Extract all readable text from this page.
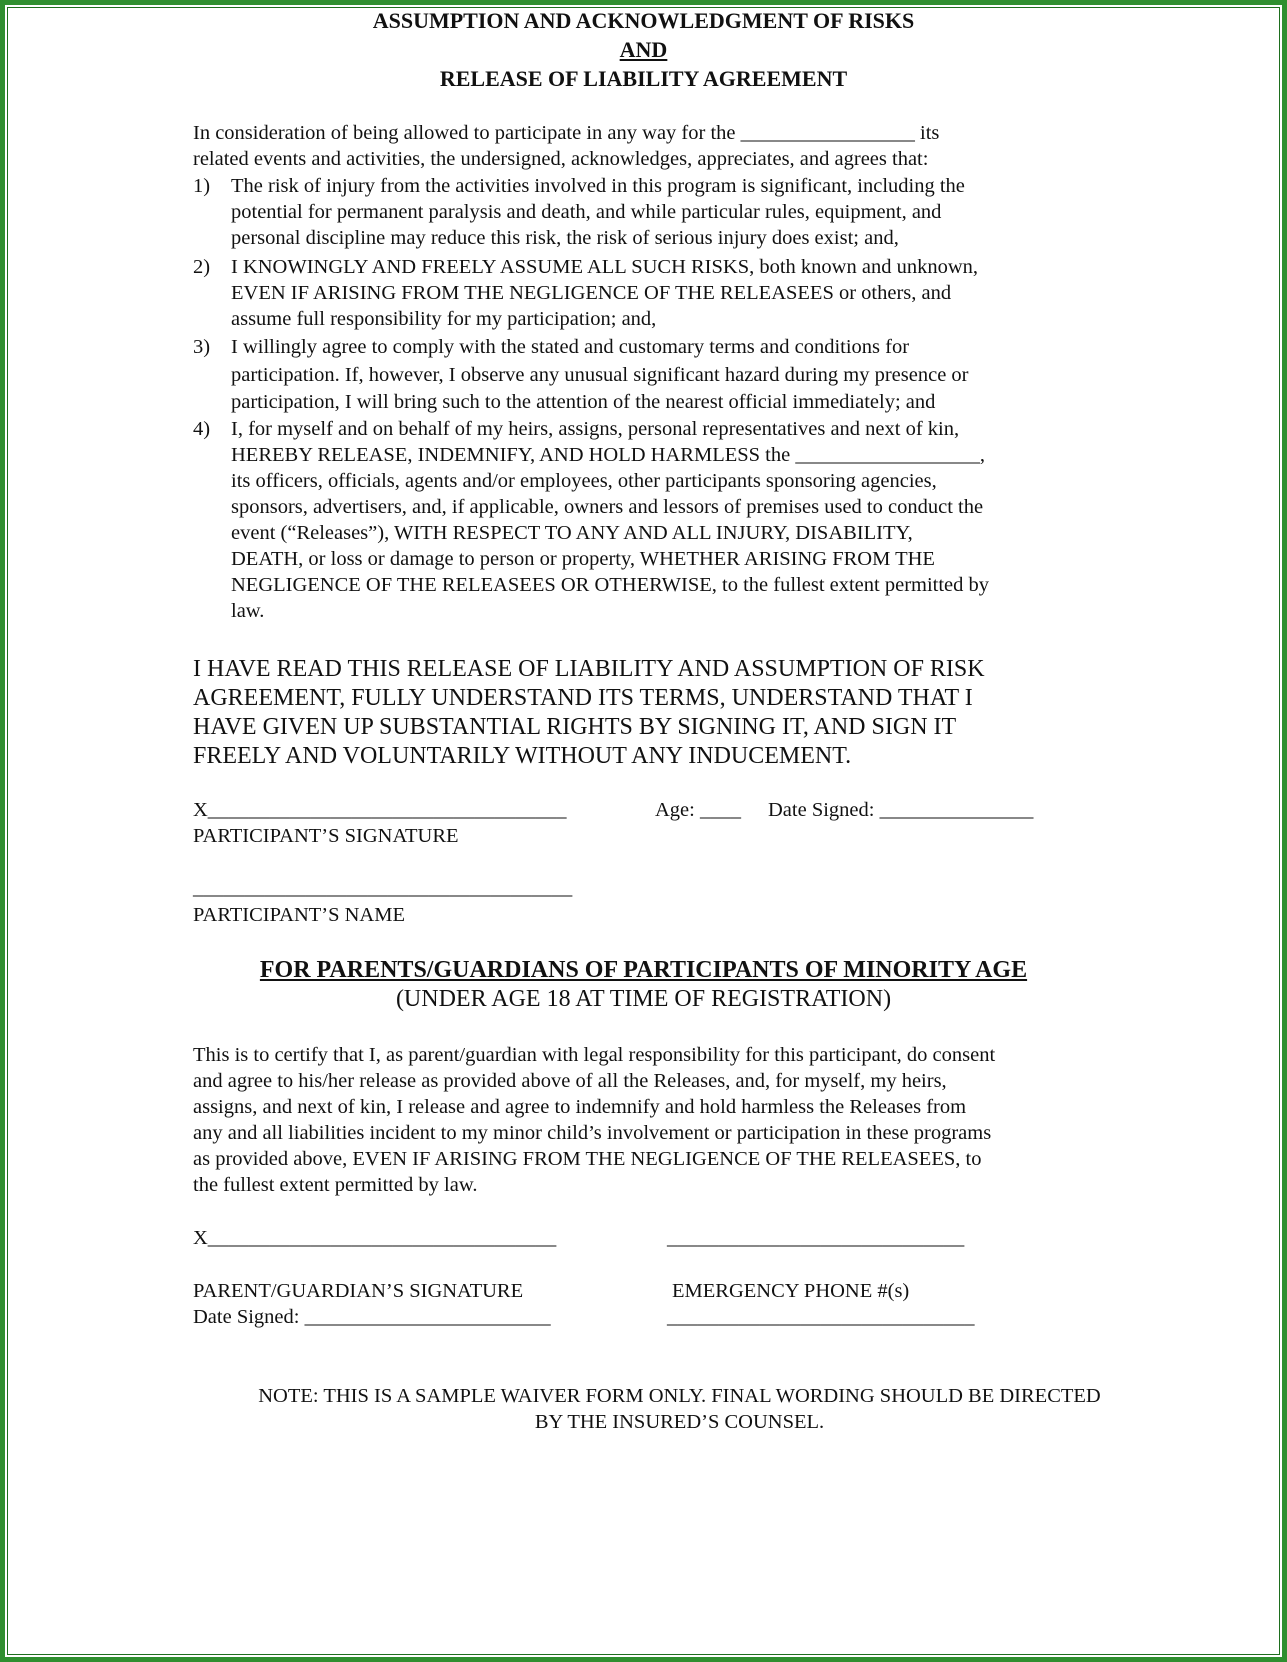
ASSUMPTION AND ACKNOWLEDGMENT OF RISKS
AND
RELEASE OF LIABILITY AGREEMENT
In consideration of being allowed to participate in any way for the _________________ its
related events and activities, the undersigned, acknowledges, appreciates, and agrees that:
1) The risk of injury from the activities involved in this program is significant, including the
potential for permanent paralysis and death, and while particular rules, equipment, and
personal discipline may reduce this risk, the risk of serious injury does exist; and,
2) I KNOWINGLY AND FREELY ASSUME ALL SUCH RISKS, both known and unknown,
EVEN IF ARISING FROM THE NEGLIGENCE OF THE RELEASEES or others, and
assume full responsibility for my participation; and,
3) I willingly agree to comply with the stated and customary terms and conditions for
participation. If, however, I observe any unusual significant hazard during my presence or
participation, I will bring such to the attention of the nearest official immediately; and
4) I, for myself and on behalf of my heirs, assigns, personal representatives and next of kin,
HEREBY RELEASE, INDEMNIFY, AND HOLD HARMLESS the __________________,
its officers, officials, agents and/or employees, other participants sponsoring agencies,
sponsors, advertisers, and, if applicable, owners and lessors of premises used to conduct the
event (“Releases”), WITH RESPECT TO ANY AND ALL INJURY, DISABILITY,
DEATH, or loss or damage to person or property, WHETHER ARISING FROM THE
NEGLIGENCE OF THE RELEASEES OR OTHERWISE, to the fullest extent permitted by
law.
I HAVE READ THIS RELEASE OF LIABILITY AND ASSUMPTION OF RISK
AGREEMENT, FULLY UNDERSTAND ITS TERMS, UNDERSTAND THAT I
HAVE GIVEN UP SUBSTANTIAL RIGHTS BY SIGNING IT, AND SIGN IT
FREELY AND VOLUNTARILY WITHOUT ANY INDUCEMENT.
X___________________________________	Age: ____ Date Signed: _______________
PARTICIPANT’S SIGNATURE
_____________________________________
PARTICIPANT’S NAME
FOR PARENTS/GUARDIANS OF PARTICIPANTS OF MINORITY AGE
(UNDER AGE 18 AT TIME OF REGISTRATION)
This is to certify that I, as parent/guardian with legal responsibility for this participant, do consent
and agree to his/her release as provided above of all the Releases, and, for myself, my heirs,
assigns, and next of kin, I release and agree to indemnify and hold harmless the Releases from
any and all liabilities incident to my minor child’s involvement or participation in these programs
as provided above, EVEN IF ARISING FROM THE NEGLIGENCE OF THE RELEASEES, to
the fullest extent permitted by law.
X__________________________________	_____________________________
PARENT/GUARDIAN’S SIGNATURE	EMERGENCY PHONE #(s)
Date Signed: ________________________	______________________________
NOTE: THIS IS A SAMPLE WAIVER FORM ONLY. FINAL WORDING SHOULD BE DIRECTED
BY THE INSURED’S COUNSEL.
